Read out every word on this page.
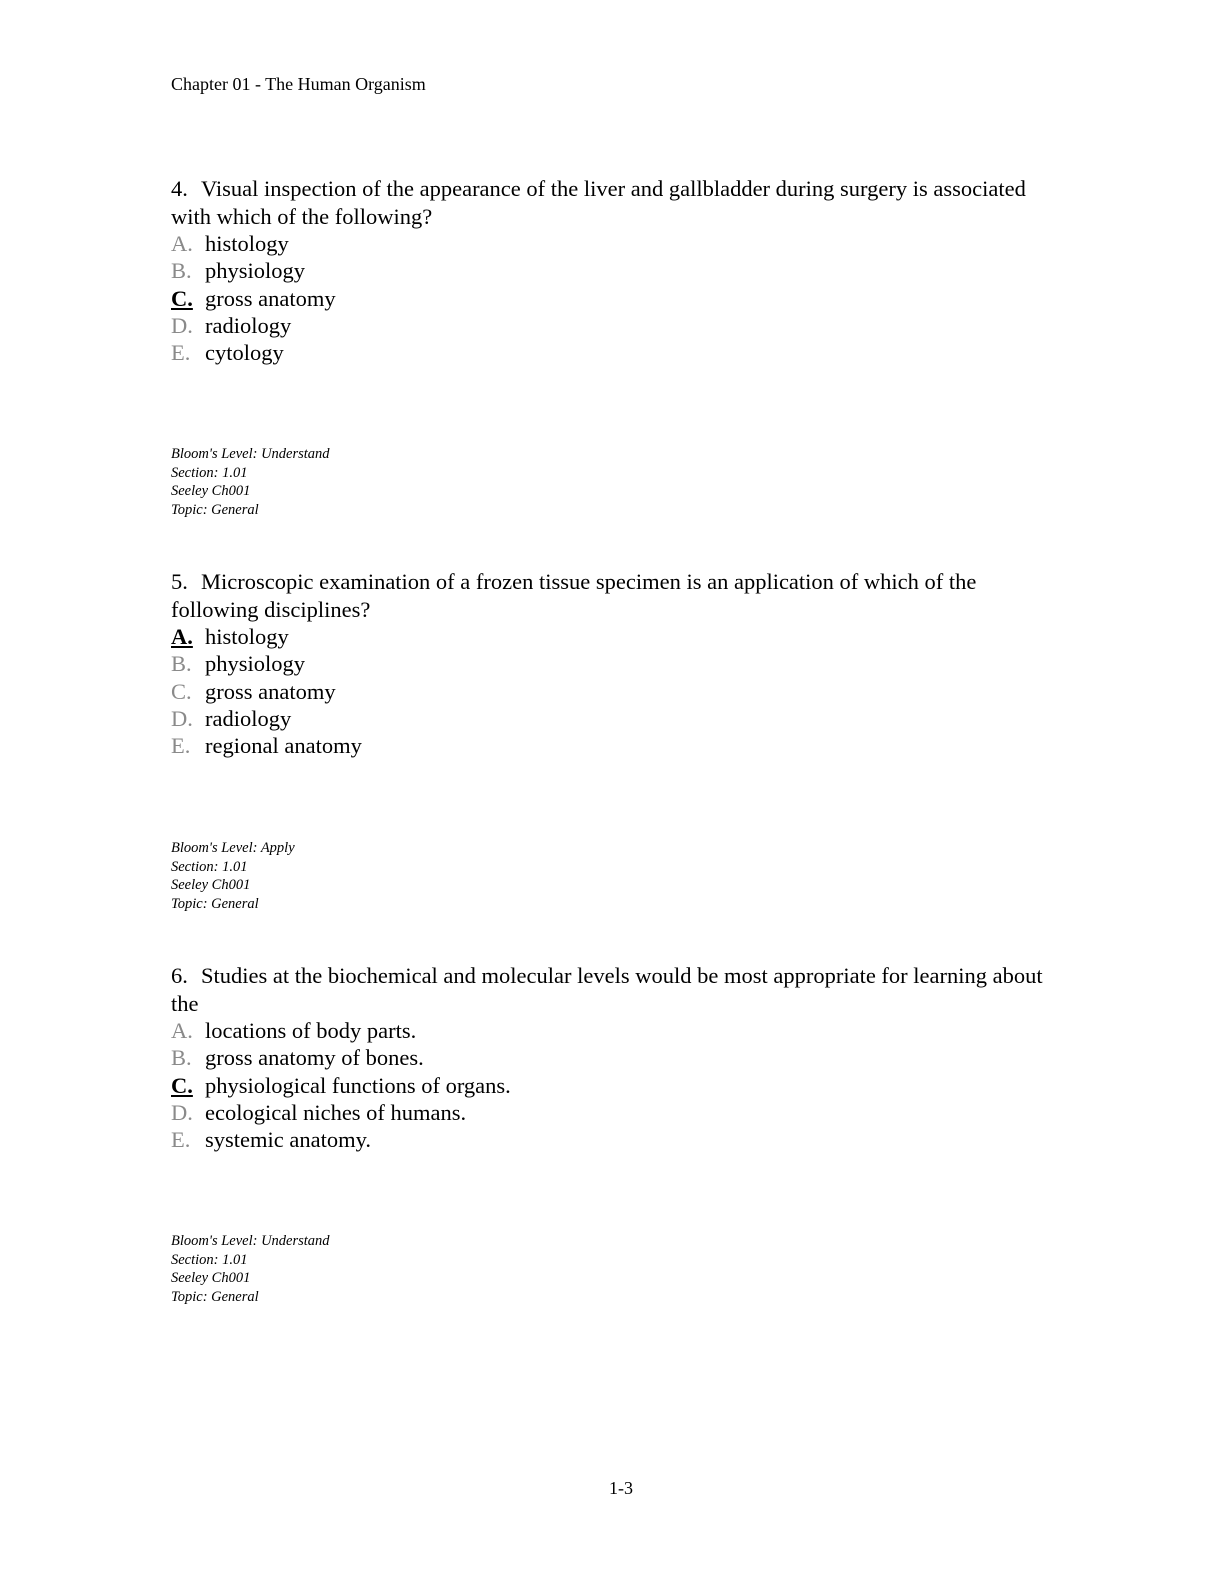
Chapter 01 - The Human Organism

4. Visual inspection of the appearance of the liver and gallbladder during surgery is associated with which of the following?

A. histology
B. physiology
C. gross anatomy
D. radiology
E. cytology
Bloom's Level: Understand
Section: 1.01
Seeley Ch001
Topic: General

5. Microscopic examination of a frozen tissue specimen is an application of which of the following disciplines?

A. histology
B. physiology
C. gross anatomy
D. radiology
E. regional anatomy
Bloom's Level: Apply
Section: 1.01
Seeley Ch001
Topic: General

6. Studies at the biochemical and molecular levels would be most appropriate for learning about the

A. locations of body parts.
B. gross anatomy of bones.
C. physiological functions of organs.
D. ecological niches of humans.
E. systemic anatomy.
Bloom's Level: Understand
Section: 1.01
Seeley Ch001
Topic: General
1-3
